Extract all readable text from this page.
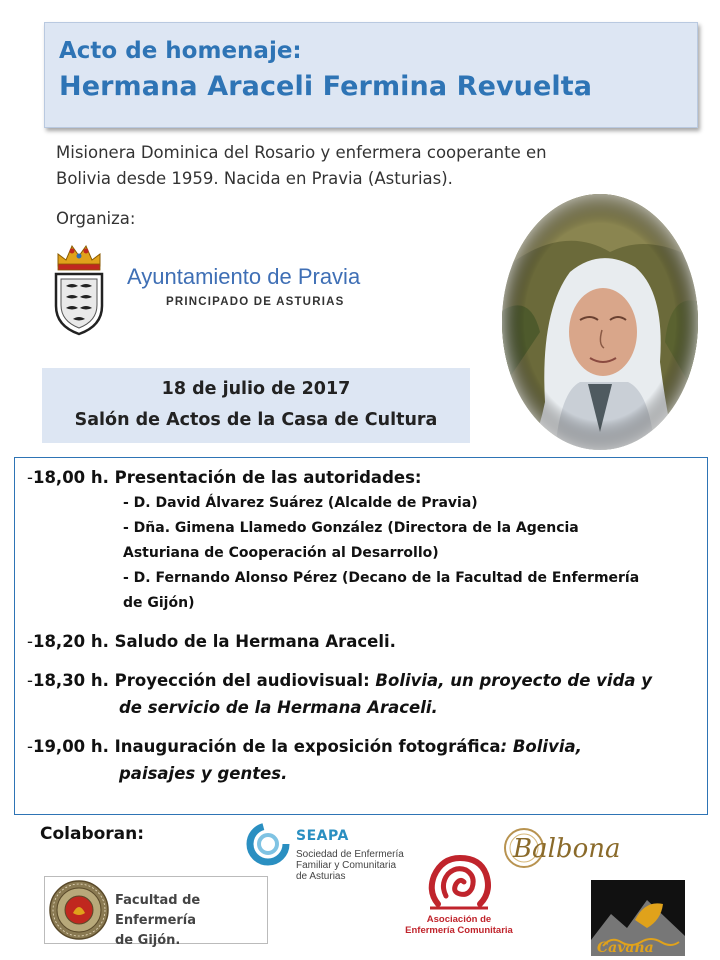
Acto de homenaje:
Hermana Araceli Fermina Revuelta
Misionera Dominica del Rosario y enfermera cooperante en
Bolivia desde 1959. Nacida en Pravia (Asturias).
Organiza:
Ayuntamiento de Pravia
PRINCIPADO DE ASTURIAS
18 de julio de 2017
Salón de Actos de la Casa de Cultura
-18,00 h. Presentación de las autoridades:
- D. David Álvarez Suárez (Alcalde de Pravia)
- Dña. Gimena Llamedo González (Directora de la Agencia
Asturiana de Cooperación al Desarrollo)
- D. Fernando Alonso Pérez (Decano de la Facultad de Enfermería
de Gijón)
-18,20 h. Saludo de la Hermana Araceli.
-18,30 h. Proyección del audiovisual: Bolivia, un proyecto de vida y
de servicio de la Hermana Araceli.
-19,00 h. Inauguración de la exposición fotográfica: Bolivia,
paisajes y gentes.
Colaboran:
Facultad de Enfermería
de Gijón.
SEAPA
Sociedad de Enfermería
Familiar y Comunitaria
de Asturias
Asociación de
Enfermería Comunitaria
Balbona
Cavana
